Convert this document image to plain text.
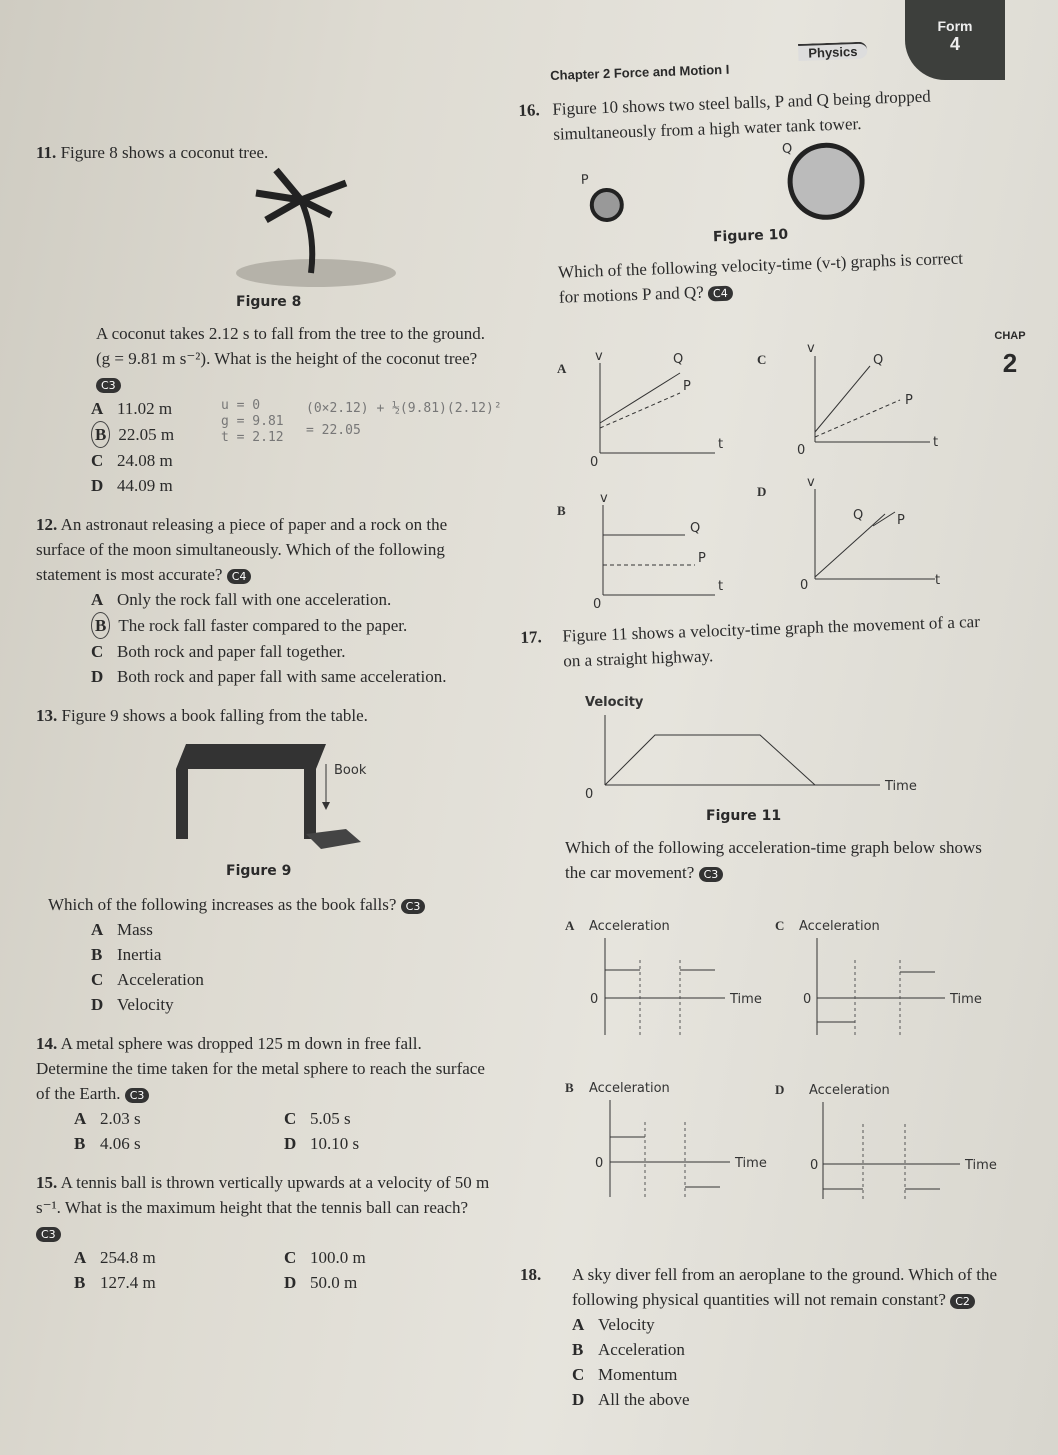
Form
4
Chapter 2 Force and Motion I
Physics
CHAP
2
11. Figure 8 shows a coconut tree.
Figure 8
A coconut takes 2.12 s to fall from the tree to the ground. (g = 9.81 m s⁻²). What is the height of the coconut tree? C3
A 11.02 m
B 22.05 m
C 24.08 m
D 44.09 m
u = 0
g = 9.81
t = 2.12
(0×2.12) + ½(9.81)(2.12)²
= 22.05
12. An astronaut releasing a piece of paper and a rock on the surface of the moon simultaneously. Which of the following statement is most accurate? C4
A Only the rock fall with one acceleration.
B The rock fall faster compared to the paper.
C Both rock and paper fall together.
D Both rock and paper fall with same acceleration.
13. Figure 9 shows a book falling from the table.
Book
Figure 9
Which of the following increases as the book falls? C3
A Mass
B Inertia
C Acceleration
D Velocity
14. A metal sphere was dropped 125 m down in free fall. Determine the time taken for the metal sphere to reach the surface of the Earth. C3
A 2.03 s	C 5.05 s
B 4.06 s	D 10.10 s
15. A tennis ball is thrown vertically upwards at a velocity of 50 m s⁻¹. What is the maximum height that the tennis ball can reach? C3
A 254.8 m	C 100.0 m
B 127.4 m	D 50.0 m
16. Figure 10 shows two steel balls, P and Q being dropped simultaneously from a high water tank tower.
P
Q
Figure 10
Which of the following velocity-time (v-t) graphs is correct for motions P and Q? C4
A
v	Q
P
0
t
B
v
Q
P
0
t
C
v
Q
P
0
t
D
v
Q	P
0	t
17.	Figure 11 shows a velocity-time graph the movement of a car on a straight highway.
Velocity
0
Time
Figure 11
Which of the following acceleration-time graph below shows the car movement? C3
A Acceleration
0	Time
C Acceleration
0	Time
B Acceleration
0	Time
D Acceleration
0	Time
18.	A sky diver fell from an aeroplane to the ground. Which of the following physical quantities will not remain constant? C2
A Velocity
B Acceleration
C Momentum
D All the above
